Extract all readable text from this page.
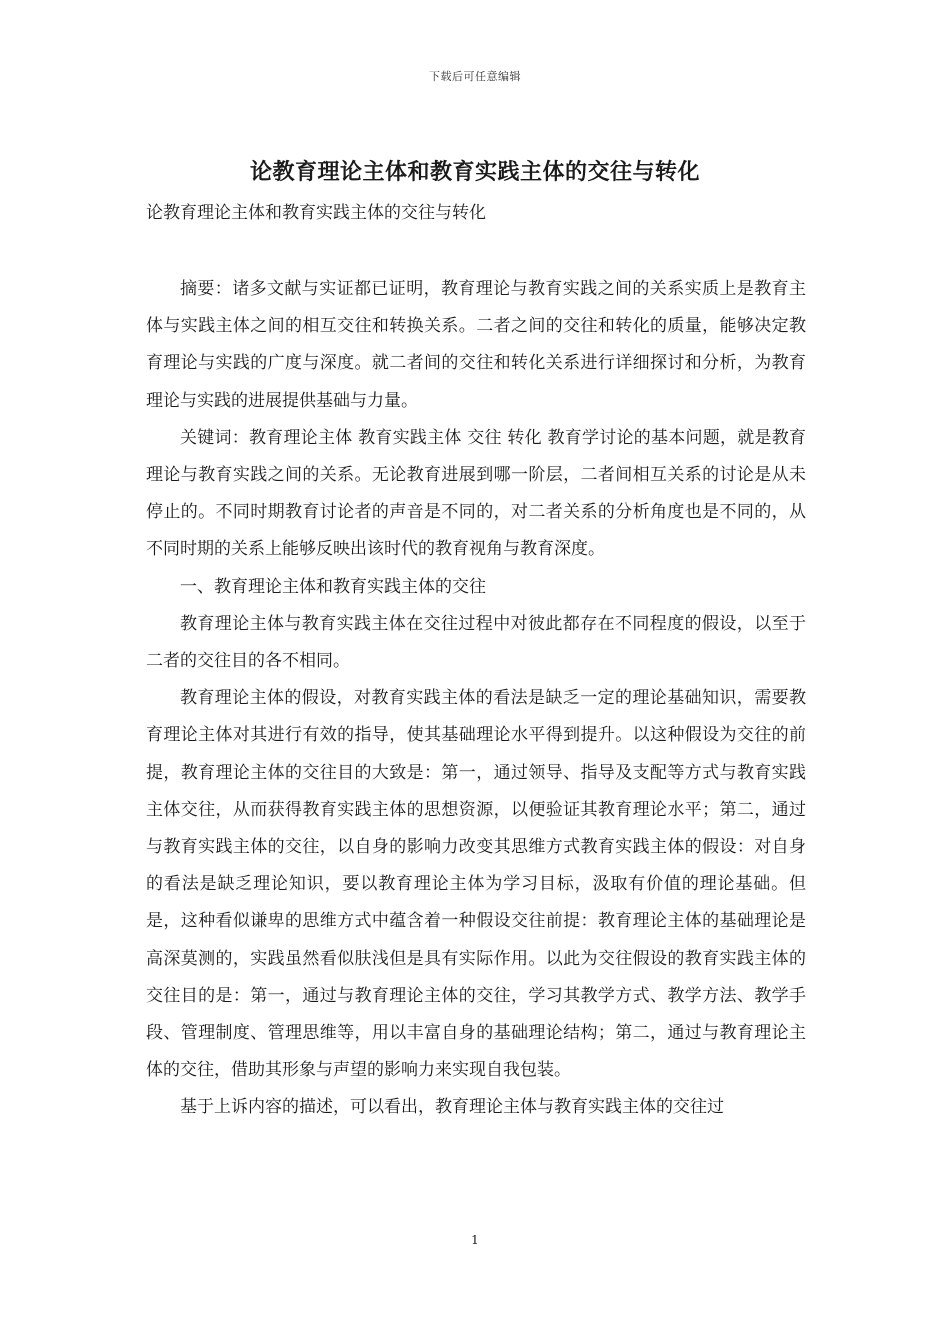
下载后可任意编辑
论教育理论主体和教育实践主体的交往与转化
论教育理论主体和教育实践主体的交往与转化

摘要：诸多文献与实证都已证明，教育理论与教育实践之间的关系实质上是教育主体与实践主体之间的相互交往和转换关系。二者之间的交往和转化的质量，能够决定教育理论与实践的广度与深度。就二者间的交往和转化关系进行详细探讨和分析，为教育理论与实践的进展提供基础与力量。

关键词：教育理论主体 教育实践主体 交往 转化 教育学讨论的基本问题，就是教育理论与教育实践之间的关系。无论教育进展到哪一阶层，二者间相互关系的讨论是从未停止的。不同时期教育讨论者的声音是不同的，对二者关系的分析角度也是不同的，从不同时期的关系上能够反映出该时代的教育视角与教育深度。

一、教育理论主体和教育实践主体的交往

教育理论主体与教育实践主体在交往过程中对彼此都存在不同程度的假设，以至于二者的交往目的各不相同。

教育理论主体的假设，对教育实践主体的看法是缺乏一定的理论基础知识，需要教育理论主体对其进行有效的指导，使其基础理论水平得到提升。以这种假设为交往的前提，教育理论主体的交往目的大致是：第一，通过领导、指导及支配等方式与教育实践主体交往，从而获得教育实践主体的思想资源，以便验证其教育理论水平；第二，通过与教育实践主体的交往，以自身的影响力改变其思维方式教育实践主体的假设：对自身的看法是缺乏理论知识，要以教育理论主体为学习目标，汲取有价值的理论基础。但是，这种看似谦卑的思维方式中蕴含着一种假设交往前提：教育理论主体的基础理论是高深莫测的，实践虽然看似肤浅但是具有实际作用。以此为交往假设的教育实践主体的交往目的是：第一，通过与教育理论主体的交往，学习其教学方式、教学方法、教学手段、管理制度、管理思维等，用以丰富自身的基础理论结构；第二，通过与教育理论主体的交往，借助其形象与声望的影响力来实现自我包装。

基于上诉内容的描述，可以看出，教育理论主体与教育实践主体的交往过

1
